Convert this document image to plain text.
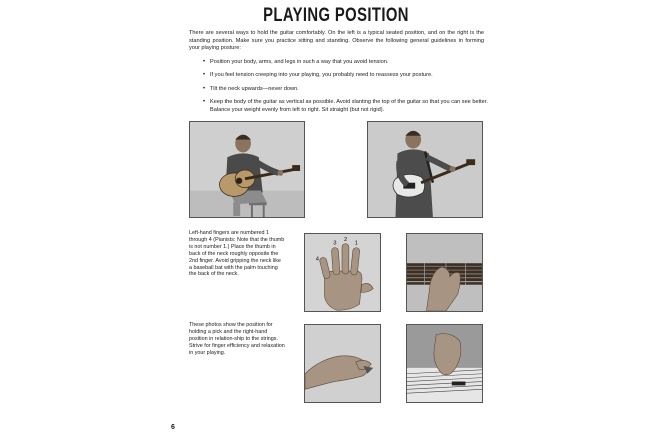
PLAYING POSITION

There are several ways to hold the guitar comfortably. On the left is a typical seated position, and on the right is the standing position. Make sure you practice sitting and standing. Observe the following general guidelines in forming your playing posture:

• Position your body, arms, and legs in such a way that you avoid tension.
• If you feel tension creeping into your playing, you probably need to reassess your posture.
• Tilt the neck upwards—never down.
• Keep the body of the guitar as vertical as possible. Avoid slanting the top of the guitar so that you can see better. Balance your weight evenly from left to right. Sit straight (but not rigid).

Left-hand fingers are numbered 1 through 4 (Pianists: Note that the thumb is not number 1.) Place the thumb in back of the neck roughly opposite the 2nd finger. Avoid gripping the neck like a baseball bat with the palm touching the back of the neck.

1
2
3
4

These photos show the position for holding a pick and the right-hand position in relation-ship to the strings. Strive for finger efficiency and relaxation in your playing.

6
